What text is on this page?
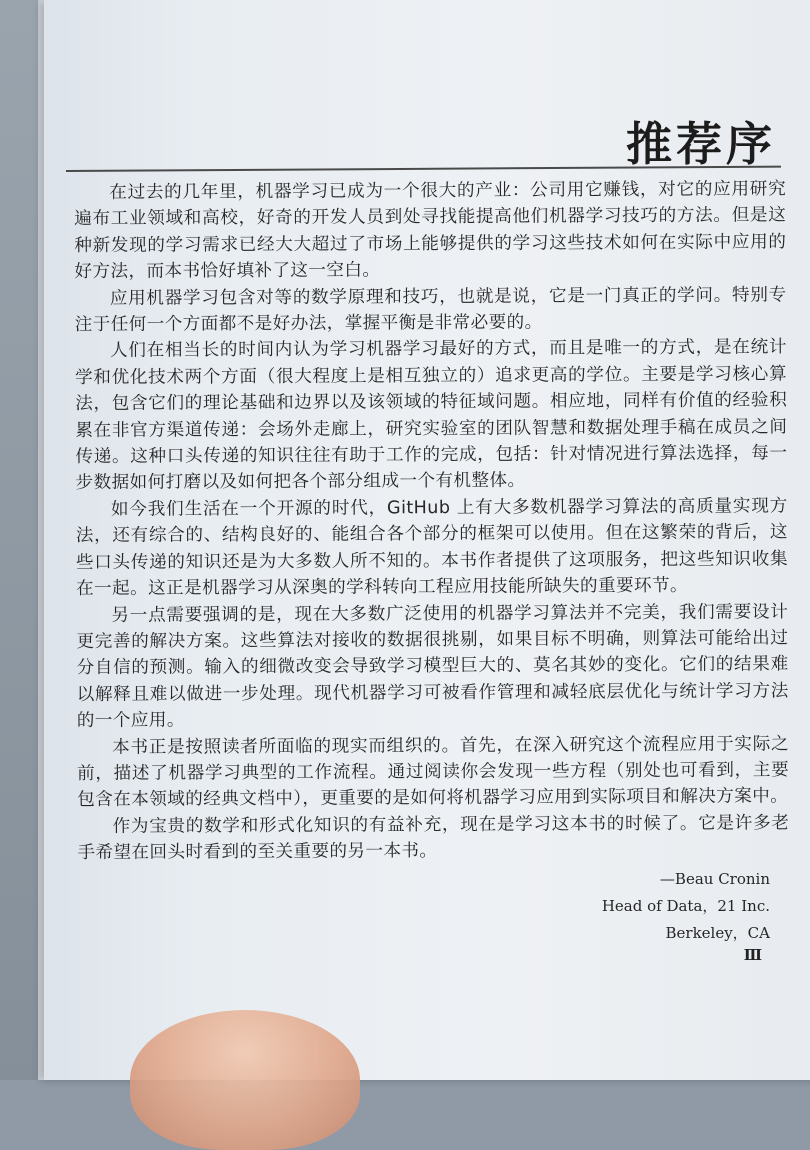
推荐序

在过去的几年里，机器学习已成为一个很大的产业：公司用它赚钱，对它的应用研究遍布工业领域和高校，好奇的开发人员到处寻找能提高他们机器学习技巧的方法。但是这种新发现的学习需求已经大大超过了市场上能够提供的学习这些技术如何在实际中应用的好方法，而本书恰好填补了这一空白。

应用机器学习包含对等的数学原理和技巧，也就是说，它是一门真正的学问。特别专注于任何一个方面都不是好办法，掌握平衡是非常必要的。

人们在相当长的时间内认为学习机器学习最好的方式，而且是唯一的方式，是在统计学和优化技术两个方面（很大程度上是相互独立的）追求更高的学位。主要是学习核心算法，包含它们的理论基础和边界以及该领域的特征域问题。相应地，同样有价值的经验积累在非官方渠道传递：会场外走廊上，研究实验室的团队智慧和数据处理手稿在成员之间传递。这种口头传递的知识往往有助于工作的完成，包括：针对情况进行算法选择，每一步数据如何打磨以及如何把各个部分组成一个有机整体。

如今我们生活在一个开源的时代，GitHub 上有大多数机器学习算法的高质量实现方法，还有综合的、结构良好的、能组合各个部分的框架可以使用。但在这繁荣的背后，这些口头传递的知识还是为大多数人所不知的。本书作者提供了这项服务，把这些知识收集在一起。这正是机器学习从深奥的学科转向工程应用技能所缺失的重要环节。

另一点需要强调的是，现在大多数广泛使用的机器学习算法并不完美，我们需要设计更完善的解决方案。这些算法对接收的数据很挑剔，如果目标不明确，则算法可能给出过分自信的预测。输入的细微改变会导致学习模型巨大的、莫名其妙的变化。它们的结果难以解释且难以做进一步处理。现代机器学习可被看作管理和减轻底层优化与统计学习方法的一个应用。

本书正是按照读者所面临的现实而组织的。首先，在深入研究这个流程应用于实际之前，描述了机器学习典型的工作流程。通过阅读你会发现一些方程（别处也可看到，主要包含在本领域的经典文档中），更重要的是如何将机器学习应用到实际项目和解决方案中。

作为宝贵的数学和形式化知识的有益补充，现在是学习这本书的时候了。它是许多老手希望在回头时看到的至关重要的另一本书。

—Beau Cronin
Head of Data，21 Inc.
Berkeley，CA
Ⅲ
